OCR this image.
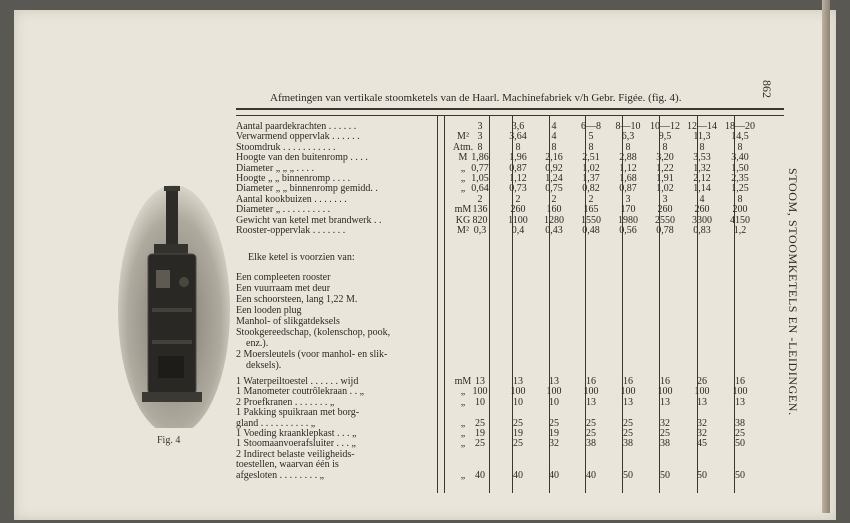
Afmetingen van vertikale stoomketels van de Haarl. Machinefabriek v/h Gebr. Figée. (fig. 4).	862
STOOM, STOOMKETELS EN -LEIDINGEN.
Fig. 4
Aantal paardekrachten . . . . . .	3	3,6	4	6—8	8—10 10—12 12—14 18—20
Verwarmend oppervlak . . . . . .	M² 3	3,64	4	5	6,3	9,5	11,3	14,5
Stoomdruk . . . . . . . . . . .	Atm. 8	8	8	8	8	8	8	8
Hoogte van den buitenromp . . . .	M 1,86	1,96	2,16	2,51	2,88	3,20	3,53	3,40
Diameter „ „ „ . . . .	„ 0,77	0,87	0,92	1,02	1,12	1,22	1,32	1,50
Hoogte „ „ binnenromp . . . .	„ 1,05	1,12	1,24	1,37	1,68	1,91	2,12	2,35
Diameter „ „ binnenromp gemidd. .	„ 0,64	0,73	0,75	0,82	0,87	1,02	1,14	1,25
Aantal kookbuizen . . . . . . .	2	2	2	2	3	3	4	8
Diameter „ . . . . . . . . . .	mM 136	260	160	165	170	260	260	200
Gewicht van ketel met brandwerk . .	KG 820	1100	1280	1550	1980	2550	3300	4150
Rooster-oppervlak . . . . . . .	M² 0,3	0,4	0,43	0,48	0,56	0,78	0,83	1,2
Elke ketel is voorzien van:
Een compleeten rooster
Een vuurraam met deur
Een schoorsteen, lang 1,22 M.
Een looden plug
Manhol- of slikgatdeksels
Stookgereedschap, (kolenschop, pook,
enz.).
2 Moersleutels (voor manhol- en slik-
deksels).
1 Waterpeiltoestel . . . . . . wijd	mM 13	13	13	16	16	16	26	16
1 Manometer coutrôlekraan . . „	„ 100	100	100	100	100	100	100	100
2 Proefkranen . . . . . . . „	„ 10	10	10	13	13	13	13	13
1 Pakking spuikraan met borg-
gland . . . . . . . . . . „	„ 25	25	25	25	25	32	32	38
1 Voeding kraanklepkast . . . „	„ 19	19	19	25	25	25	32	25
1 Stoomaanvoerafsluiter . . . „	„ 25	25	32	38	38	38	45	50
2 Indirect belaste veiligheids-
toestellen, waarvan één is
afgesloten . . . . . . . . „	„ 40	40	40	40	50	50	50	50
